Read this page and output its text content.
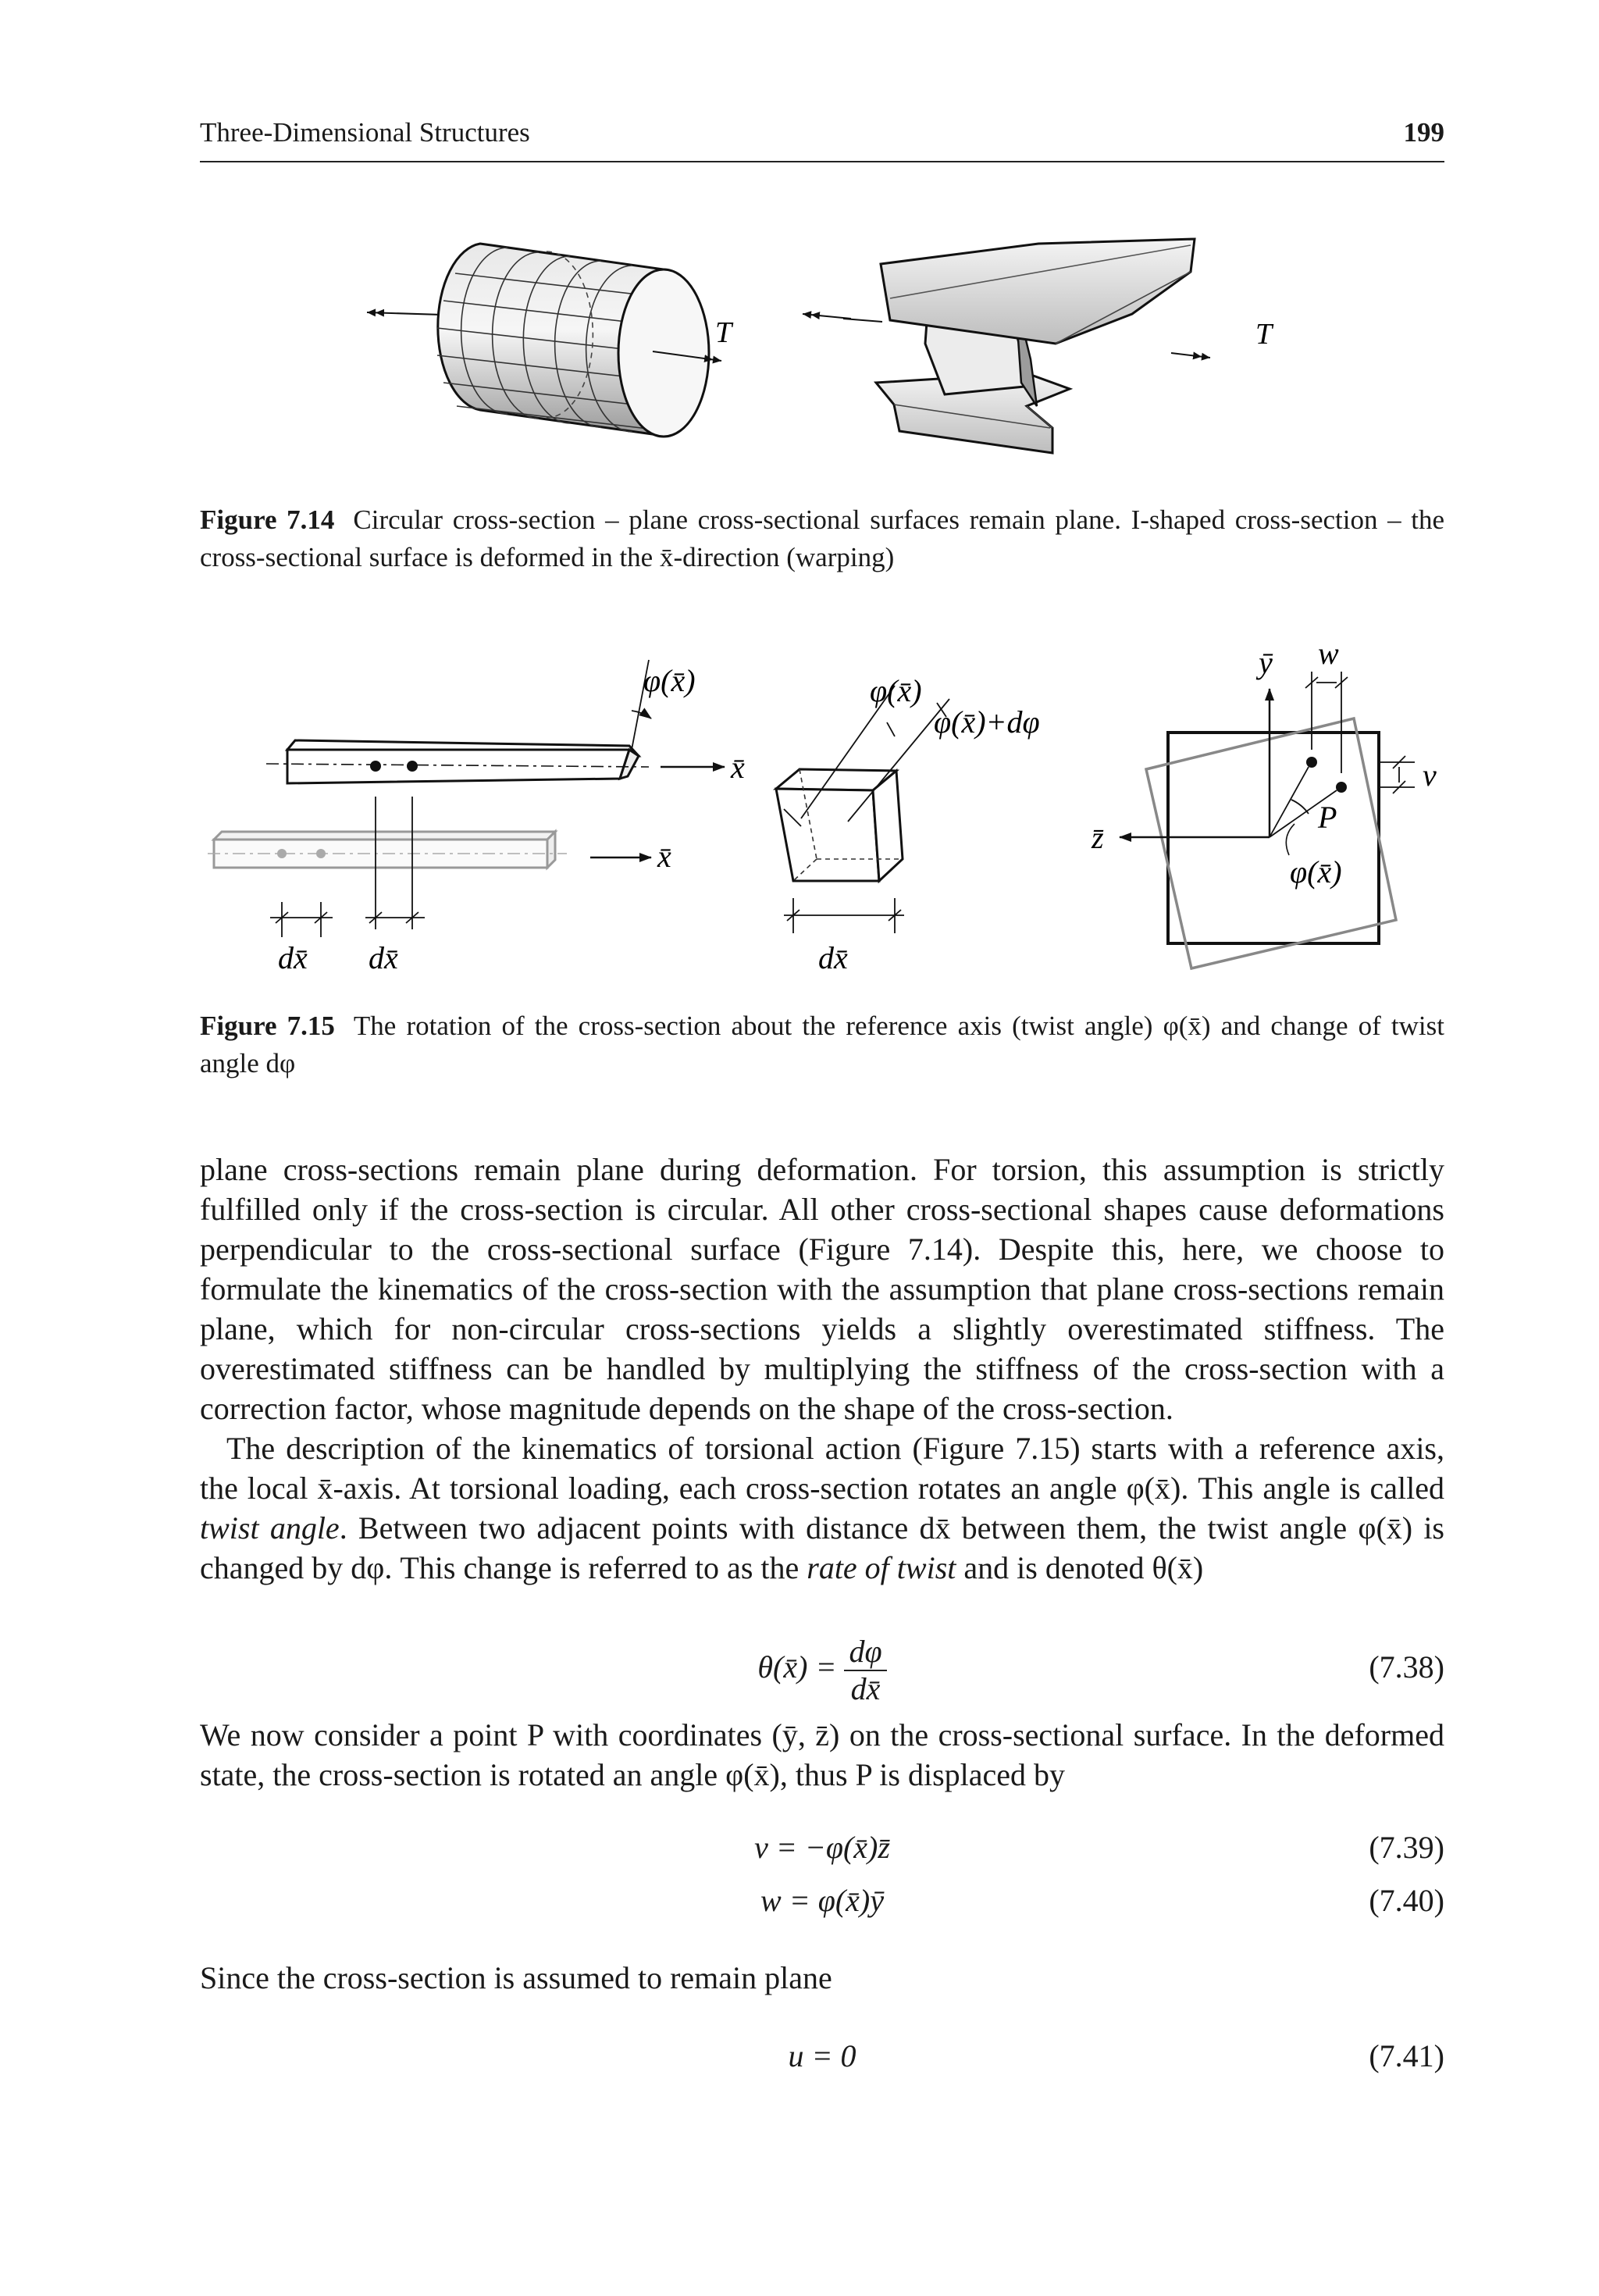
Three-Dimensional Structures	199
T	T
Figure 7.14 Circular cross-section – plane cross-sectional surfaces remain plane. I-shaped cross-section – the cross-sectional surface is deformed in the x̄-direction (warping)
x̄
x̄
φ(x̄)
dx̄ dx̄
φ(x̄)
φ(x̄)+dφ
dx̄
ȳ
z̄
P
φ(x̄)
w
v
Figure 7.15 The rotation of the cross-section about the reference axis (twist angle) φ(x̄) and change of twist angle dφ

plane cross-sections remain plane during deformation. For torsion, this assumption is strictly fulfilled only if the cross-section is circular. All other cross-sectional shapes cause deformations perpendicular to the cross-sectional surface (Figure 7.14). Despite this, here, we choose to formulate the kinematics of the cross-section with the assumption that plane cross-sections remain plane, which for non-circular cross-sections yields a slightly overestimated stiffness. The overestimated stiffness can be handled by multiplying the stiffness of the cross-section with a correction factor, whose magnitude depends on the shape of the cross-section.

The description of the kinematics of torsional action (Figure 7.15) starts with a reference axis, the local x̄-axis. At torsional loading, each cross-section rotates an angle φ(x̄). This angle is called twist angle. Between two adjacent points with distance dx̄ between them, the twist angle φ(x̄) is changed by dφ. This change is referred to as the rate of twist and is denoted θ(x̄)

θ(x̄) = $\frac{d\varphi}{dx̄}$	(7.38)

We now consider a point P with coordinates (ȳ, z̄) on the cross-sectional surface. In the deformed state, the cross-section is rotated an angle φ(x̄), thus P is displaced by

v = −φ(x̄)z̄	(7.39)
w = φ(x̄)ȳ	(7.40)

Since the cross-section is assumed to remain plane

u = 0	(7.41)
